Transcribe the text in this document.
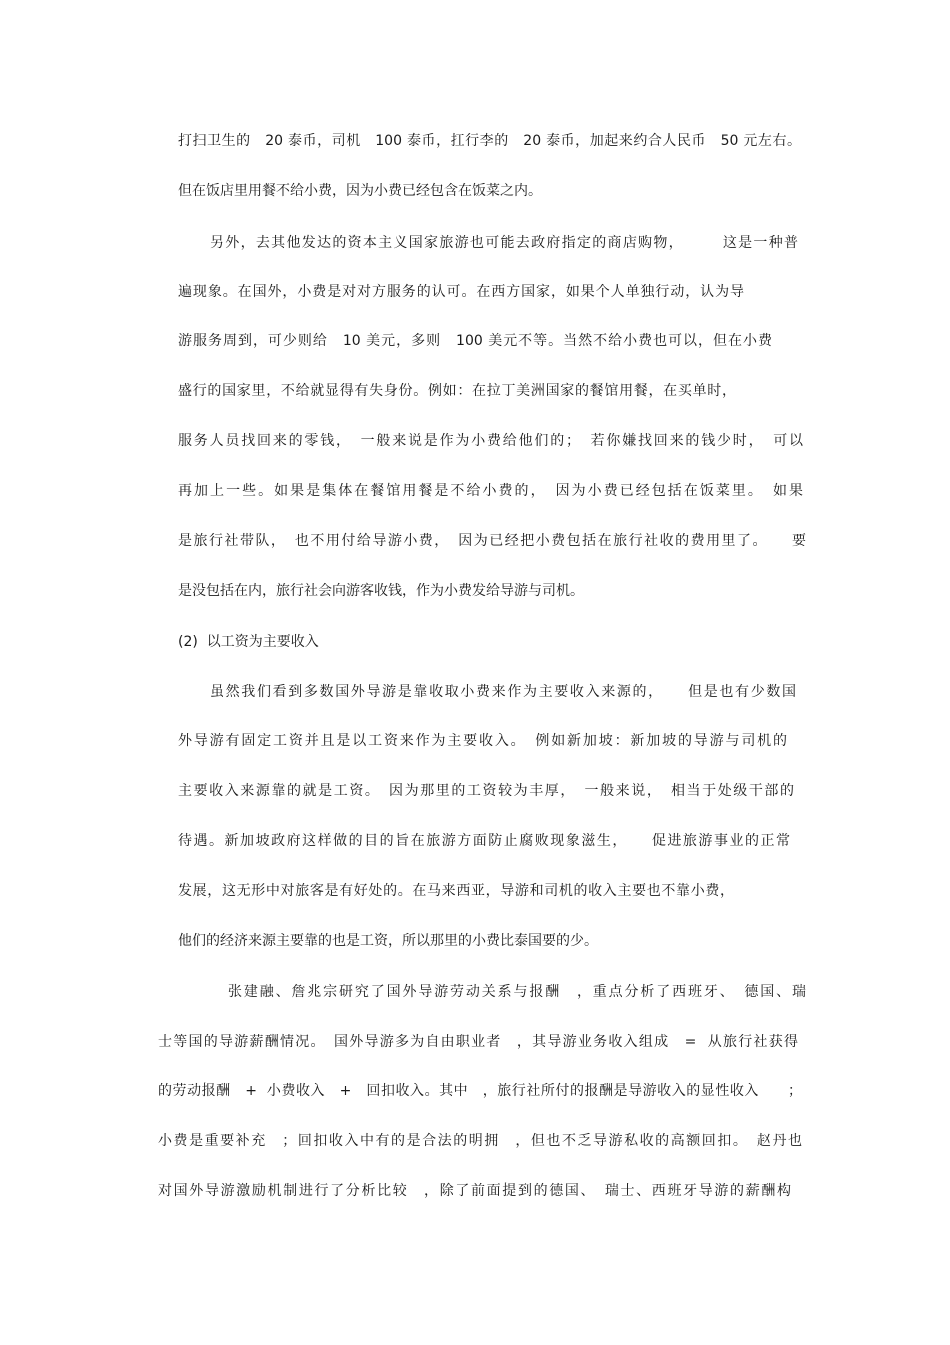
打扫卫生的　20 泰币，司机　100 泰币，扛行李的　20 泰币，加起来约合人民币　50 元左右。
但在饭店里用餐不给小费，因为小费已经包含在饭菜之内。
另外，去其他发达的资本主义国家旅游也可能去政府指定的商店购物，　　　这是一种普
遍现象。在国外，小费是对对方服务的认可。在西方国家，如果个人单独行动，认为导
游服务周到，可少则给　10 美元，多则　100 美元不等。当然不给小费也可以，但在小费
盛行的国家里，不给就显得有失身份。例如：在拉丁美洲国家的餐馆用餐，在买单时，
服务人员找回来的零钱，　一般来说是作为小费给他们的；　若你嫌找回来的钱少时，　可以
再加上一些。如果是集体在餐馆用餐是不给小费的，　因为小费已经包括在饭菜里。　如果
是旅行社带队，　也不用付给导游小费，　因为已经把小费包括在旅行社收的费用里了。　　要
是没包括在内，旅行社会向游客收钱，作为小费发给导游与司机。
(2)  以工资为主要收入
虽然我们看到多数国外导游是靠收取小费来作为主要收入来源的，　　但是也有少数国
外导游有固定工资并且是以工资来作为主要收入。　例如新加坡：新加坡的导游与司机的
主要收入来源靠的就是工资。　因为那里的工资较为丰厚，　一般来说，　相当于处级干部的
待遇。新加坡政府这样做的目的旨在旅游方面防止腐败现象滋生，　　促进旅游事业的正常
发展，这无形中对旅客是有好处的。在马来西亚，导游和司机的收入主要也不靠小费，
他们的经济来源主要靠的也是工资，所以那里的小费比泰国要的少。
张建融、詹兆宗研究了国外导游劳动关系与报酬　，重点分析了西班牙、　德国、瑞
士等国的导游薪酬情况。　国外导游多为自由职业者　，其导游业务收入组成　=  从旅行社获得
的劳动报酬　+  小费收入　+　回扣收入。其中　，旅行社所付的报酬是导游收入的显性收入　　；
小费是重要补充　；回扣收入中有的是合法的明拥　，但也不乏导游私收的高额回扣。　赵丹也
对国外导游激励机制进行了分析比较　，除了前面提到的德国、　瑞士、西班牙导游的薪酬构
